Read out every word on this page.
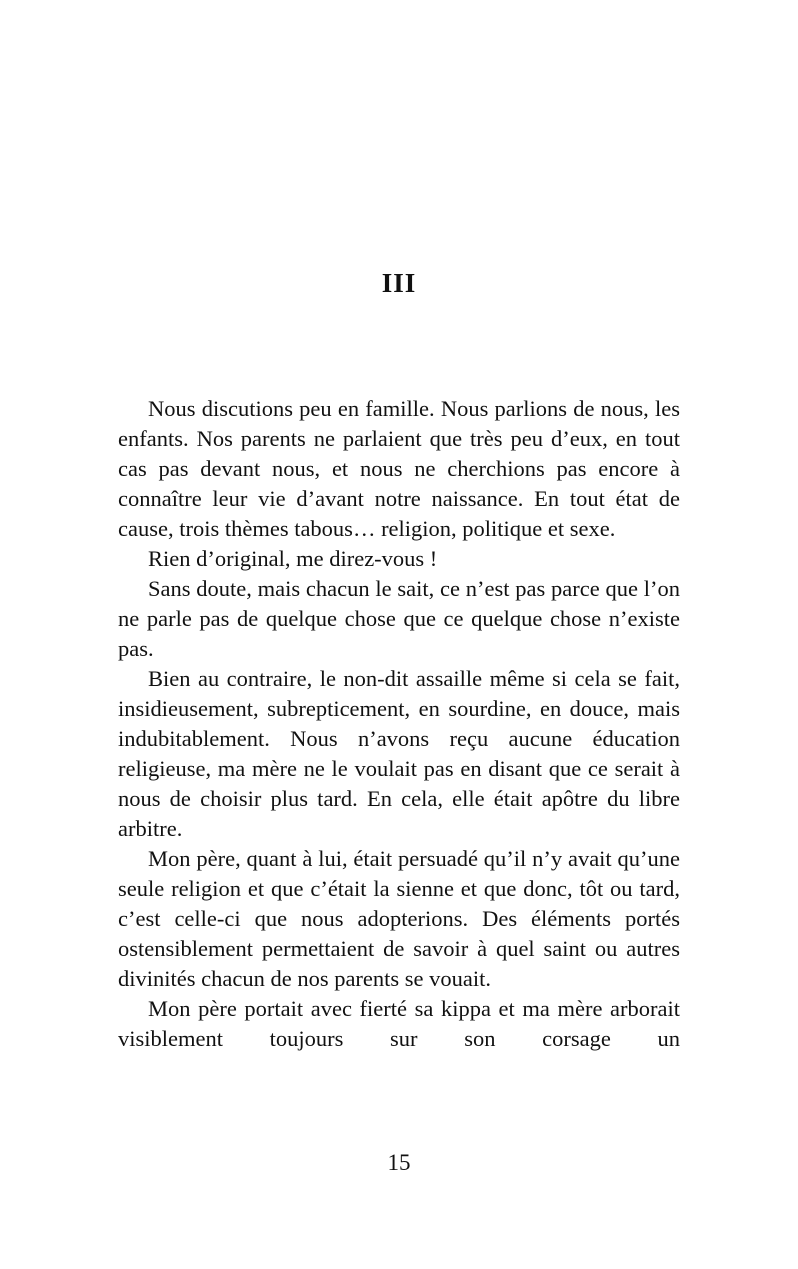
III

Nous discutions peu en famille. Nous parlions de nous, les enfants. Nos parents ne parlaient que très peu d’eux, en tout cas pas devant nous, et nous ne cherchions pas encore à connaître leur vie d’avant notre naissance. En tout état de cause, trois thèmes tabous… religion, politique et sexe.

Rien d’original, me direz-vous !

Sans doute, mais chacun le sait, ce n’est pas parce que l’on ne parle pas de quelque chose que ce quelque chose n’existe pas.

Bien au contraire, le non-dit assaille même si cela se fait, insidieusement, subrepticement, en sourdine, en douce, mais indubitablement. Nous n’avons reçu aucune éducation religieuse, ma mère ne le voulait pas en disant que ce serait à nous de choisir plus tard. En cela, elle était apôtre du libre arbitre.

Mon père, quant à lui, était persuadé qu’il n’y avait qu’une seule religion et que c’était la sienne et que donc, tôt ou tard, c’est celle-ci que nous adopterions. Des éléments portés ostensiblement permettaient de savoir à quel saint ou autres divinités chacun de nos parents se vouait.

Mon père portait avec fierté sa kippa et ma mère arborait visiblement toujours sur son corsage un

15
